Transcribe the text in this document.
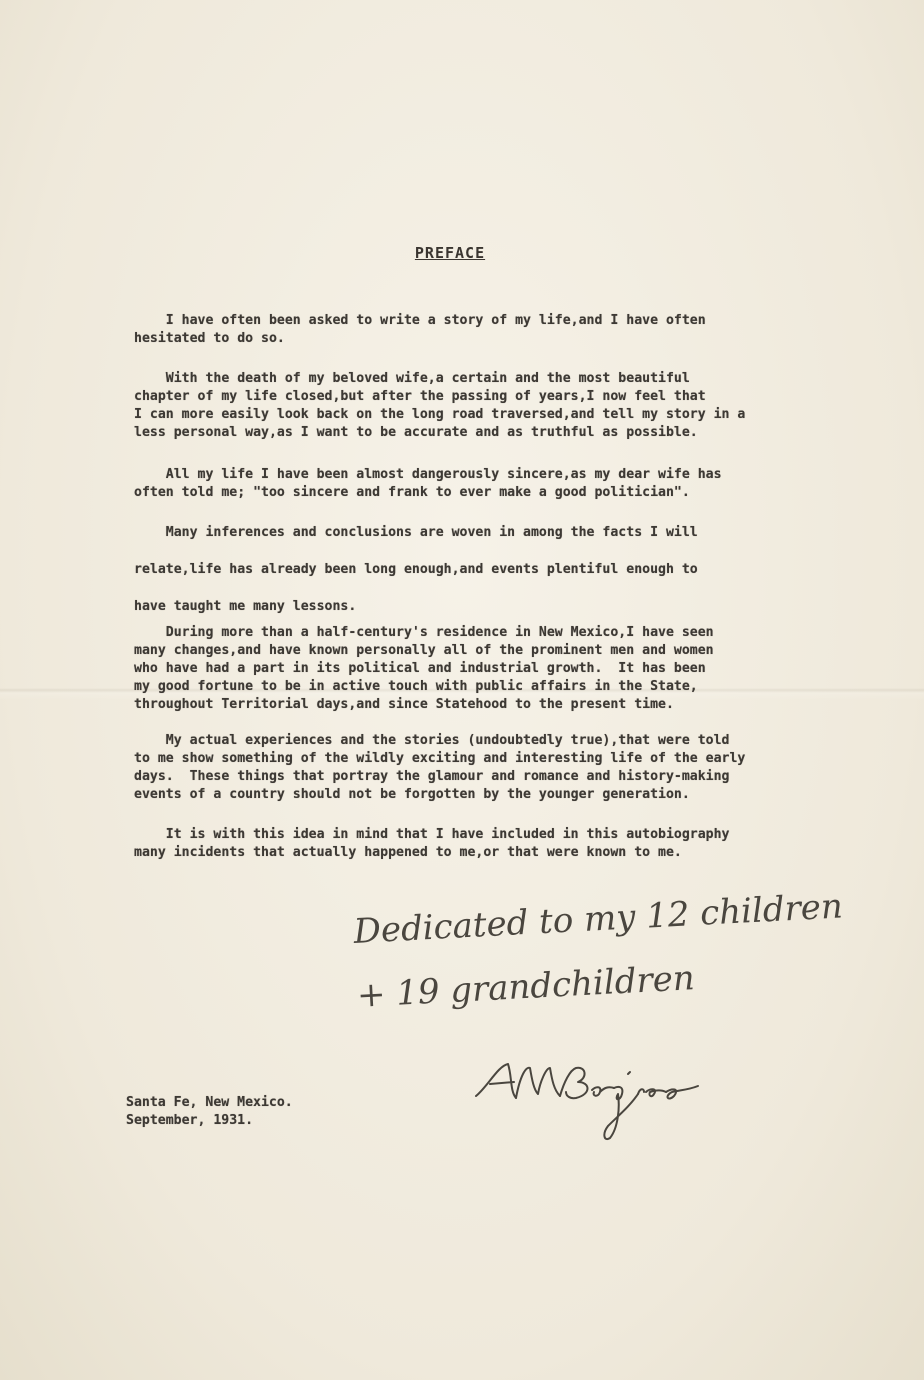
PREFACE
I have often been asked to write a story of my life,and I have often
hesitated to do so.
With the death of my beloved wife,a certain and the most beautiful
chapter of my life closed,but after the passing of years,I now feel that
I can more easily look back on the long road traversed,and tell my story in a
less personal way,as I want to be accurate and as truthful as possible.
All my life I have been almost dangerously sincere,as my dear wife has
often told me; "too sincere and frank to ever make a good politician".
Many inferences and conclusions are woven in among the facts I will
relate,life has already been long enough,and events plentiful enough to
have taught me many lessons.
During more than a half-century's residence in New Mexico,I have seen
many changes,and have known personally all of the prominent men and women
who have had a part in its political and industrial growth.  It has been
my good fortune to be in active touch with public affairs in the State,
throughout Territorial days,and since Statehood to the present time.
My actual experiences and the stories (undoubtedly true),that were told
to me show something of the wildly exciting and interesting life of the early
days.  These things that portray the glamour and romance and history-making
events of a country should not be forgotten by the younger generation.
It is with this idea in mind that I have included in this autobiography
many incidents that actually happened to me,or that were known to me.
Dedicated to my 12 children
+ 19 grandchildren
Santa Fe, New Mexico.
September, 1931.
